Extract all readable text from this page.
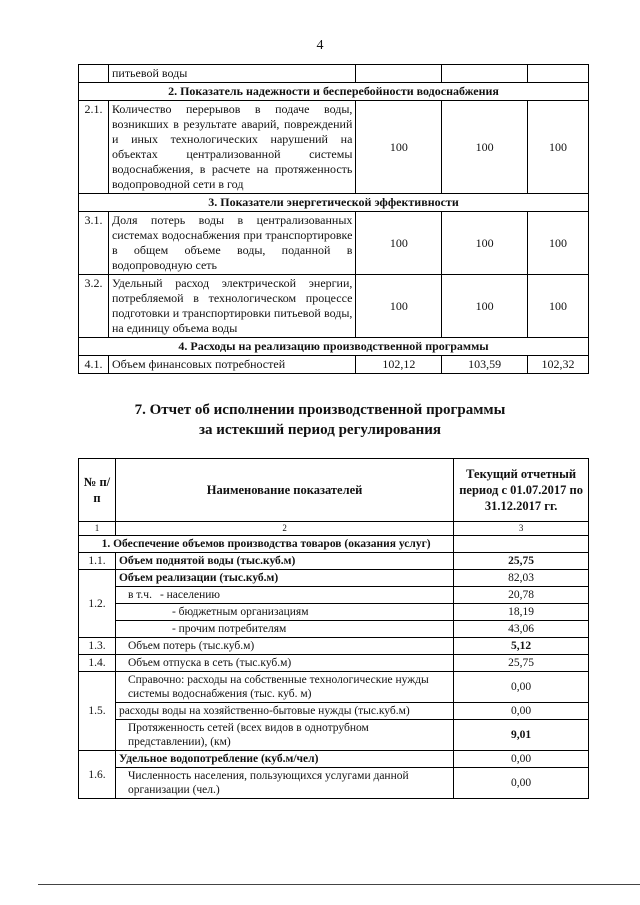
4
	питьевой воды			
2. Показатель надежности и бесперебойности водоснабжения				
2.1.	Количество перерывов в подаче воды, возникших в результате аварий, повреждений и иных технологических нарушений на объектах централизованной системы водоснабжения, в расчете на протяженность водопроводной сети в год	100	100	100
3. Показатели энергетической эффективности				
3.1.	Доля потерь воды в централизованных системах водоснабжения при транспортировке в общем объеме воды, поданной в водопроводную сеть	100	100	100
3.2.	Удельный расход электрической энергии, потребляемой в технологическом процессе подготовки и транспортировки питьевой воды, на единицу объема воды	100	100	100
4. Расходы на реализацию производственной программы				
4.1.	Объем финансовых потребностей	102,12	103,59	102,32
7. Отчет об исполнении производственной программы
за истекший период регулирования
№ п/п	Наименование показателей	Текущий отчетный период с 01.07.2017 по 31.12.2017 гг.
1	2	3
1. Обеспечение объемов производства товаров (оказания услуг)		
1.1.	Объем поднятой воды (тыс.куб.м)	25,75
1.2.	Объем реализации (тыс.куб.м)	82,03
	в т.ч. - населению	20,78
	- бюджетным организациям	18,19
	- прочим потребителям	43,06
1.3.	Объем потерь (тыс.куб.м)	5,12
1.4.	Объем отпуска в сеть (тыс.куб.м)	25,75
1.5.	Справочно: расходы на собственные технологические нужды системы водоснабжения (тыс. куб. м)	0,00
	расходы воды на хозяйственно-бытовые нужды (тыс.куб.м)	0,00
	Протяженность сетей (всех видов в однотрубном представлении), (км)	9,01
1.6.	Удельное водопотребление (куб.м/чел)	0,00
	Численность населения, пользующихся услугами данной организации (чел.)	0,00
